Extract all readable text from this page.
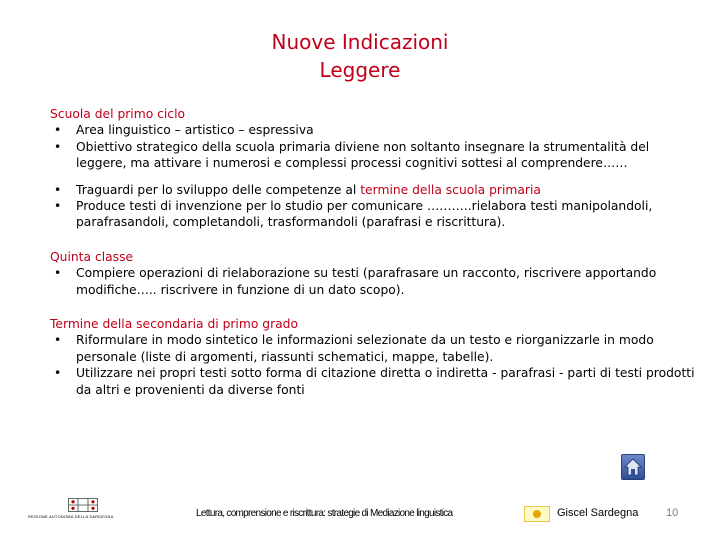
Nuove Indicazioni
Leggere
Scuola del primo ciclo
• Area linguistico – artistico – espressiva
• Obiettivo strategico della scuola primaria diviene non soltanto insegnare la strumentalità del leggere, ma attivare i numerosi e complessi processi cognitivi sottesi al comprendere……
• Traguardi per lo sviluppo delle competenze al termine della scuola primaria
• Produce testi di invenzione per lo studio per comunicare ………..rielabora testi manipolandoli, parafrasandoli, completandoli, trasformandoli (parafrasi e riscrittura).
Quinta classe
• Compiere operazioni di rielaborazione su testi (parafrasare un racconto, riscrivere apportando modifiche….. riscrivere in funzione di un dato scopo).
Termine della secondaria di primo grado
• Riformulare in modo sintetico le informazioni selezionate da un testo e riorganizzarle in modo personale (liste di argomenti, riassunti schematici, mappe, tabelle).
• Utilizzare nei propri testi sotto forma di citazione diretta o indiretta - parafrasi - parti di testi prodotti da altri e provenienti da diverse fonti
REGIONE AUTONOMA DELLA SARDEGNA	Lettura, comprensione e riscrittura: strategie di Mediazione linguistica	Giscel Sardegna	10
